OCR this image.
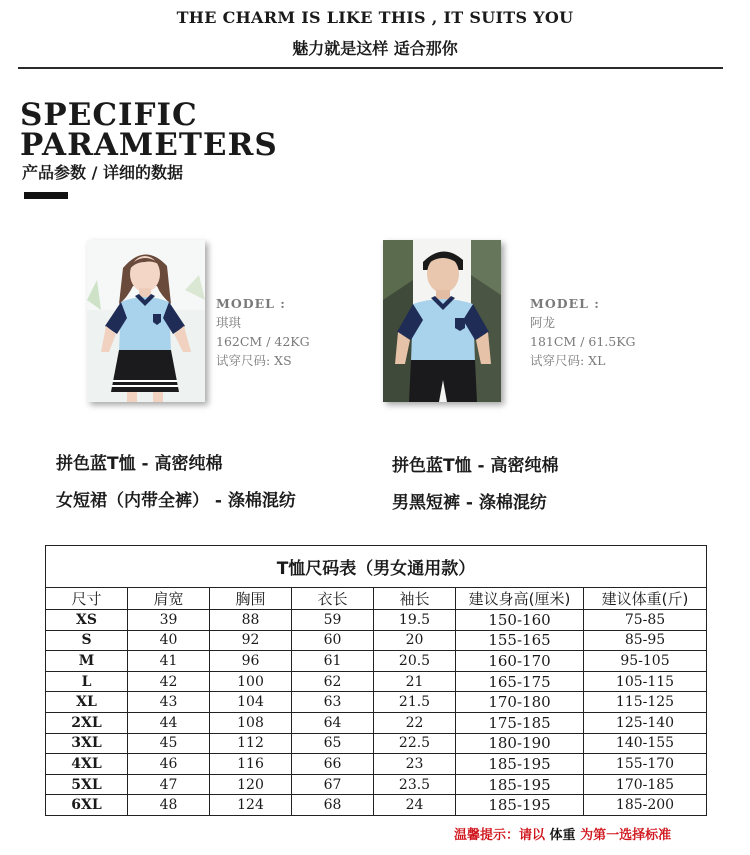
THE CHARM IS LIKE THIS , IT SUITS YOU
魅力就是这样 适合那你
SPECIFIC
PARAMETERS
产品参数 / 详细的数据
MODEL :
琪琪
162CM / 42KG
试穿尺码: XS
MODEL :
阿龙
181CM / 61.5KG
试穿尺码: XL
拼色蓝T恤 - 高密纯棉
女短裙（内带全裤） - 涤棉混纺
拼色蓝T恤 - 高密纯棉
男黑短裤 - 涤棉混纺
T恤尺码表（男女通用款）						
尺寸	肩宽	胸围	衣长	袖长	建议身高(厘米)	建议体重(斤)
XS	39	88	59	19.5	150-160	75-85
S	40	92	60	20	155-165	85-95
M	41	96	61	20.5	160-170	95-105
L	42	100	62	21	165-175	105-115
XL	43	104	63	21.5	170-180	115-125
2XL	44	108	64	22	175-185	125-140
3XL	45	112	65	22.5	180-190	140-155
4XL	46	116	66	23	185-195	155-170
5XL	47	120	67	23.5	185-195	170-185
6XL	48	124	68	24	185-195	185-200
温馨提示：请以 体重 为第一选择标准
